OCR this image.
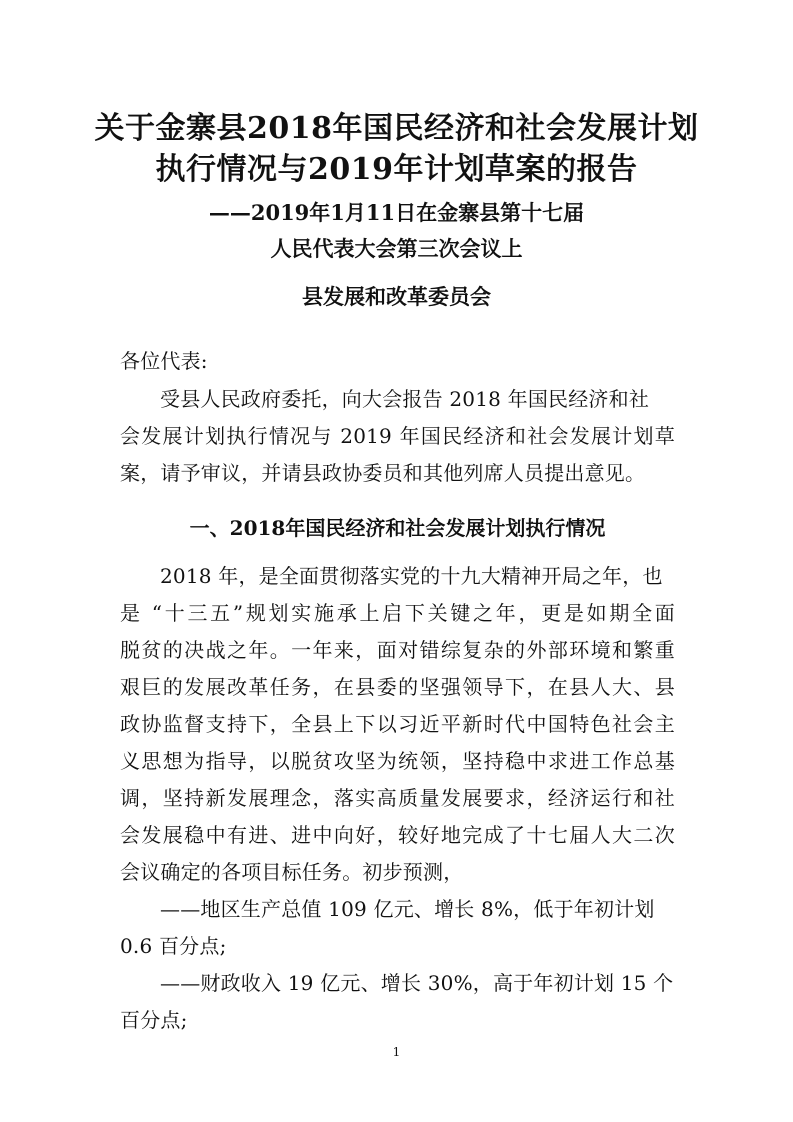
关于金寨县2018年国民经济和社会发展计划
执行情况与2019年计划草案的报告
——2019年1月11日在金寨县第十七届
人民代表大会第三次会议上
县发展和改革委员会
各位代表:
受县人民政府委托，向大会报告 2018 年国民经济和社
会发展计划执行情况与 2019 年国民经济和社会发展计划草
案，请予审议，并请县政协委员和其他列席人员提出意见。
一、2018年国民经济和社会发展计划执行情况
2018 年，是全面贯彻落实党的十九大精神开局之年，也
是 “十三五”规划实施承上启下关键之年，更是如期全面
脱贫的决战之年。一年来，面对错综复杂的外部环境和繁重
艰巨的发展改革任务，在县委的坚强领导下，在县人大、县
政协监督支持下，全县上下以习近平新时代中国特色社会主
义思想为指导，以脱贫攻坚为统领，坚持稳中求进工作总基
调，坚持新发展理念，落实高质量发展要求，经济运行和社
会发展稳中有进、进中向好，较好地完成了十七届人大二次
会议确定的各项目标任务。初步预测，
——地区生产总值 109 亿元、增长 8%，低于年初计划
0.6 百分点;
——财政收入 19 亿元、增长 30%，高于年初计划 15 个
百分点;
1
